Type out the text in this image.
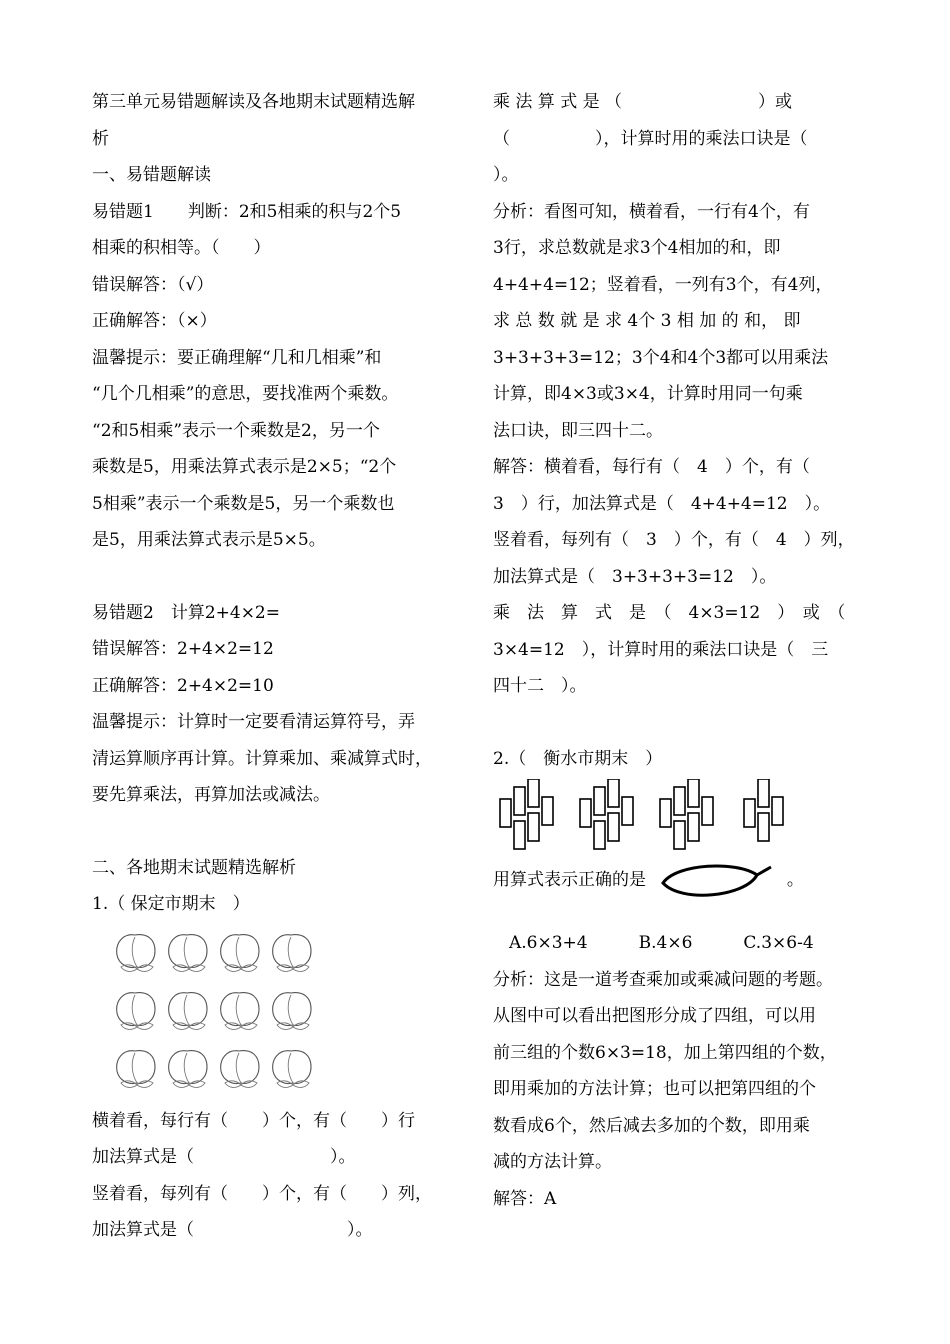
第三单元易错题解读及各地期末试题精选解
析
一、易错题解读
易错题1　　判断：2和5相乘的积与2个5
相乘的积相等。（　　）
错误解答：（√）
正确解答：（×）
温馨提示：要正确理解“几和几相乘”和
“几个几相乘”的意思，要找准两个乘数。
“2和5相乘”表示一个乘数是2，另一个
乘数是5，用乘法算式表示是2×5；“2个
5相乘”表示一个乘数是5，另一个乘数也
是5，用乘法算式表示是5×5。
易错题2　计算2+4×2=
错误解答：2+4×2=12
正确解答：2+4×2=10
温馨提示：计算时一定要看清运算符号，弄
清运算顺序再计算。计算乘加、乘减算式时，
要先算乘法，再算加法或减法。
二、各地期末试题精选解析
1.（ 保定市期末　）
横着看，每行有（　　）个，有（　　）行
加法算式是（　　　　　　　　）。
竖着看，每列有（　　）个，有（　　）列，
加法算式是（　　　　　　　　　）。
乘 法 算 式 是 （　　　　　　　　）或
（　　　　　），计算时用的乘法口诀是（
）。
分析：看图可知，横着看，一行有4个，有
3行，求总数就是求3个4相加的和，即
4+4+4=12；竖着看，一列有3个，有4列，
求 总 数 就 是 求 4个 3 相 加 的 和， 即
3+3+3+3=12；3个4和4个3都可以用乘法
计算，即4×3或3×4，计算时用同一句乘
法口诀，即三四十二。
解答：横着看，每行有（　4　）个，有（
3　）行，加法算式是（　4+4+4=12　）。
竖着看，每列有（　3　）个，有（　4　）列，
加法算式是（　3+3+3+3=12　）。
乘　法　算　式　是　（　4×3=12　）　或　（
3×4=12　），计算时用的乘法口诀是（　三
四十二　）。
2.（　衡水市期末　）
用算式表示正确的是	。
A.6×3+4　　　B.4×6　　　C.3×6-4
分析：这是一道考查乘加或乘减问题的考题。
从图中可以看出把图形分成了四组，可以用
前三组的个数6×3=18，加上第四组的个数，
即用乘加的方法计算；也可以把第四组的个
数看成6个，然后减去多加的个数，即用乘
减的方法计算。
解答：A
